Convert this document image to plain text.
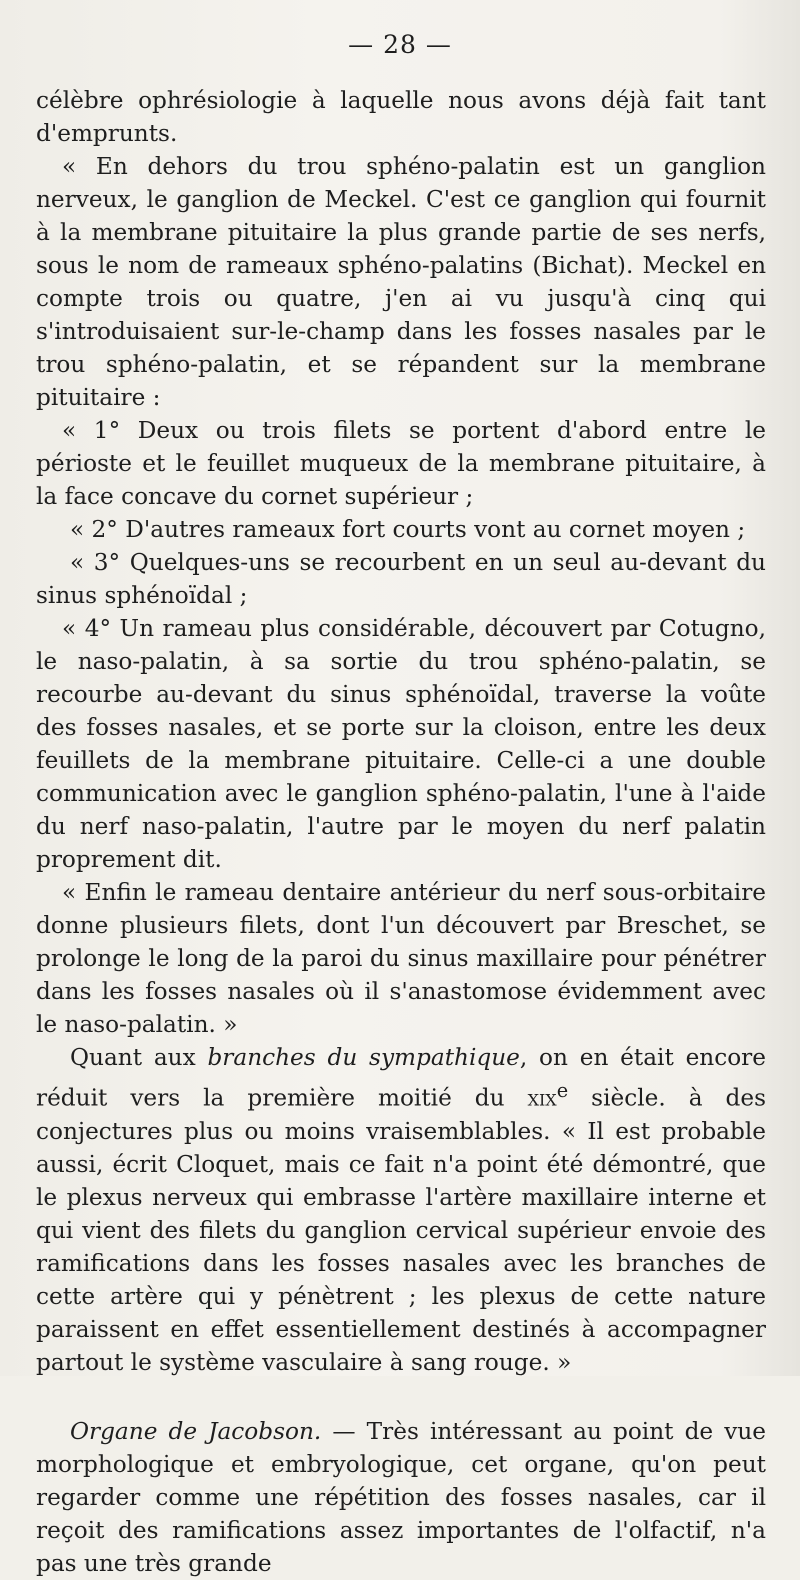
— 28 —

célèbre ophrésiologie à laquelle nous avons déjà fait tant d'emprunts.

« En dehors du trou sphéno-palatin est un ganglion nerveux, le ganglion de Meckel. C'est ce ganglion qui fournit à la membrane pituitaire la plus grande partie de ses nerfs, sous le nom de rameaux sphéno-palatins (Bichat). Meckel en compte trois ou quatre, j'en ai vu jusqu'à cinq qui s'introduisaient sur-le-champ dans les fosses nasales par le trou sphéno-palatin, et se répandent sur la membrane pituitaire :

« 1° Deux ou trois filets se portent d'abord entre le périoste et le feuillet muqueux de la membrane pituitaire, à la face concave du cornet supérieur ;

« 2° D'autres rameaux fort courts vont au cornet moyen ;

« 3° Quelques-uns se recourbent en un seul au-devant du sinus sphénoïdal ;

« 4° Un rameau plus considérable, découvert par Cotugno, le naso-palatin, à sa sortie du trou sphéno-palatin, se recourbe au-devant du sinus sphénoïdal, traverse la voûte des fosses nasales, et se porte sur la cloison, entre les deux feuillets de la membrane pituitaire. Celle-ci a une double communication avec le ganglion sphéno-palatin, l'une à l'aide du nerf naso-palatin, l'autre par le moyen du nerf palatin proprement dit.

« Enfin le rameau dentaire antérieur du nerf sous-orbitaire donne plusieurs filets, dont l'un découvert par Breschet, se prolonge le long de la paroi du sinus maxillaire pour pénétrer dans les fosses nasales où il s'anastomose évidemment avec le naso-palatin. »

Quant aux branches du sympathique, on en était encore réduit vers la première moitié du xix$^e$ siècle. à des conjectures plus ou moins vraisemblables. « Il est probable aussi, écrit Cloquet, mais ce fait n'a point été démontré, que le plexus nerveux qui embrasse l'artère maxillaire interne et qui vient des filets du ganglion cervical supérieur envoie des ramifications dans les fosses nasales avec les branches de cette artère qui y pénètrent ; les plexus de cette nature paraissent en effet essentiellement destinés à accompagner partout le système vasculaire à sang rouge. »

Organe de Jacobson. — Très intéressant au point de vue morphologique et embryologique, cet organe, qu'on peut regarder comme une répétition des fosses nasales, car il reçoit des ramifications assez importantes de l'olfactif, n'a pas une très grande
